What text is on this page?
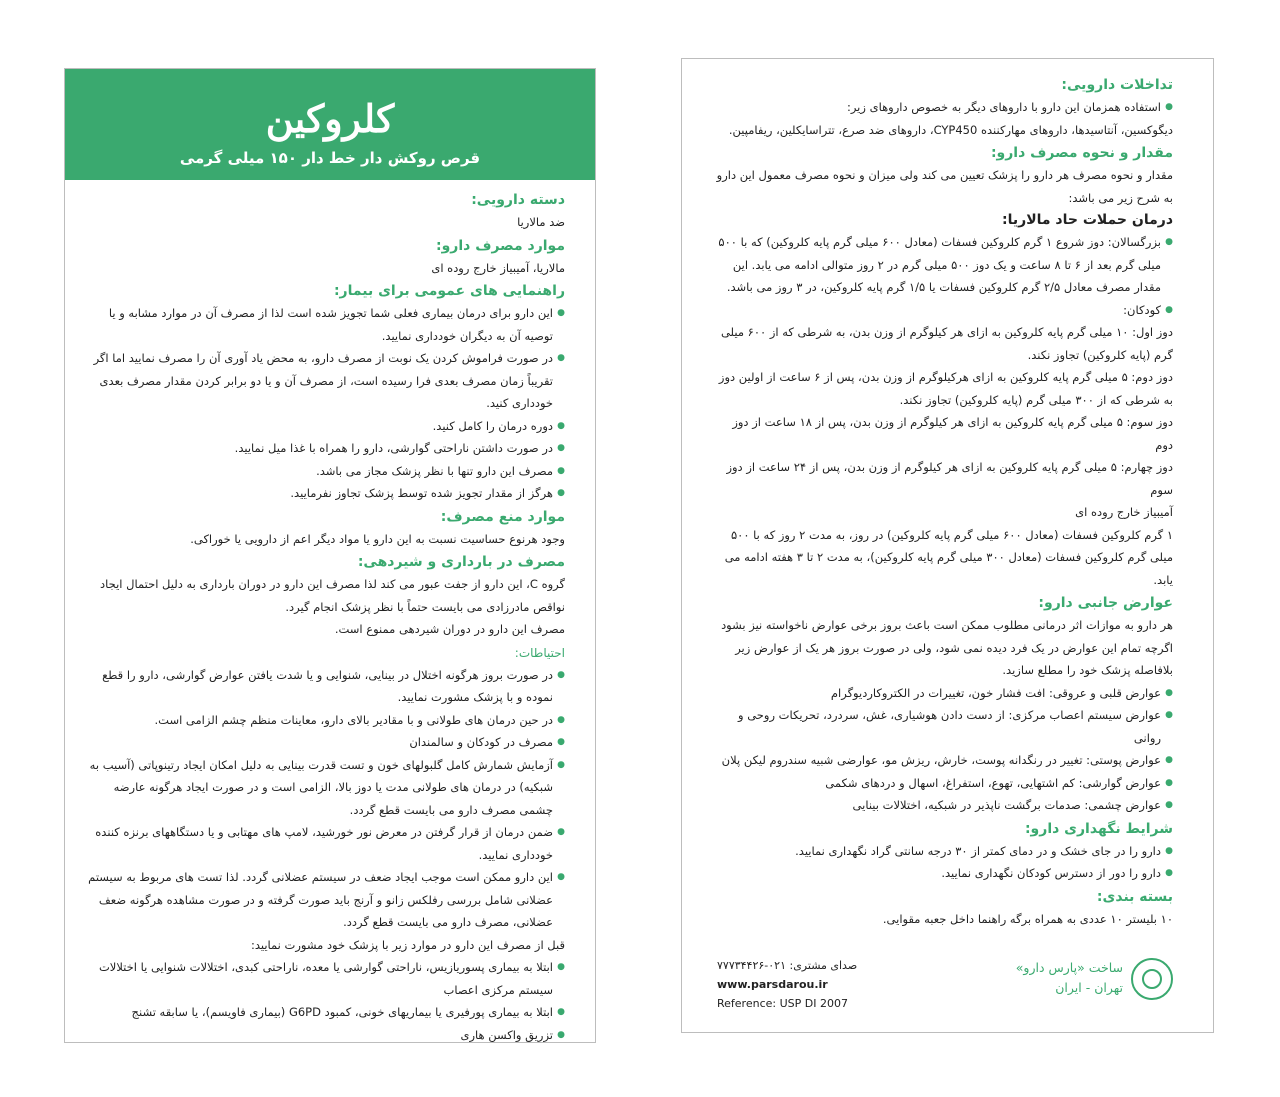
کلروکین
قرص روکش دار خط دار ۱۵۰ میلی گرمی
دسته دارویی:
ضد مالاریا
موارد مصرف دارو:
مالاریا، آمیبیاز خارج روده ای
راهنمایی های عمومی برای بیمار:
● این دارو برای درمان بیماری فعلی شما تجویز شده است لذا از مصرف آن در موارد مشابه و یا توصیه آن به دیگران خودداری نمایید.
● در صورت فراموش کردن یک نوبت از مصرف دارو، به محض یاد آوری آن را مصرف نمایید اما اگر تقریباً زمان مصرف بعدی فرا رسیده است، از مصرف آن و یا دو برابر کردن مقدار مصرف بعدی خودداری کنید.
● دوره درمان را کامل کنید.
● در صورت داشتن ناراحتی گوارشی، دارو را همراه با غذا میل نمایید.
● مصرف این دارو تنها با نظر پزشک مجاز می باشد.
● هرگز از مقدار تجویز شده توسط پزشک تجاوز نفرمایید.
موارد منع مصرف:
وجود هرنوع حساسیت نسبت به این دارو یا مواد دیگر اعم از دارویی یا خوراکی.
مصرف در بارداری و شیردهی:
گروه C، این دارو از جفت عبور می کند لذا مصرف این دارو در دوران بارداری به دلیل احتمال ایجاد نواقص مادرزادی می بایست حتماً با نظر پزشک انجام گیرد.
مصرف این دارو در دوران شیردهی ممنوع است.
احتیاطات:
● در صورت بروز هرگونه اختلال در بینایی، شنوایی و یا شدت یافتن عوارض گوارشی، دارو را قطع نموده و با پزشک مشورت نمایید.
● در حین درمان های طولانی و با مقادیر بالای دارو، معاینات منظم چشم الزامی است.
● مصرف در کودکان و سالمندان
● آزمایش شمارش کامل گلبولهای خون و تست قدرت بینایی به دلیل امکان ایجاد رتینوپاتی (آسیب به شبکیه) در درمان های طولانی مدت یا دوز بالا، الزامی است و در صورت ایجاد هرگونه عارضه چشمی مصرف دارو می بایست قطع گردد.
● ضمن درمان از قرار گرفتن در معرض نور خورشید، لامپ های مهتابی و یا دستگاههای برنزه کننده خودداری نمایید.
● این دارو ممکن است موجب ایجاد ضعف در سیستم عضلانی گردد. لذا تست های مربوط به سیستم عضلانی شامل بررسی رفلکس زانو و آرنج باید صورت گرفته و در صورت مشاهده هرگونه ضعف عضلانی، مصرف دارو می بایست قطع گردد.
قبل از مصرف این دارو در موارد زیر با پزشک خود مشورت نمایید:
● ابتلا به بیماری پسوریازیس، ناراحتی گوارشی یا معده، ناراحتی کبدی، اختلالات شنوایی یا اختلالات سیستم مرکزی اعصاب
● ابتلا به بیماری پورفیری یا بیماریهای خونی، کمبود G6PD (بیماری فاویسم)، یا سابقه تشنج
● تزریق واکسن هاری
تداخلات دارویی:
● استفاده همزمان این دارو با داروهای دیگر به خصوص داروهای زیر:
دیگوکسین، آنتاسیدها، داروهای مهارکننده CYP450، داروهای ضد صرع، تتراسایکلین، ریفامپین.
مقدار و نحوه مصرف دارو:
مقدار و نحوه مصرف هر دارو را پزشک تعیین می کند ولی میزان و نحوه مصرف معمول این دارو به شرح زیر می باشد:
درمان حملات حاد مالاریا:
● بزرگسالان: دوز شروع ۱ گرم کلروکین فسفات (معادل ۶۰۰ میلی گرم پایه کلروکین) که با ۵۰۰ میلی گرم بعد از ۶ تا ۸ ساعت و یک دوز ۵۰۰ میلی گرم در ۲ روز متوالی ادامه می یابد. این مقدار مصرف معادل ۲/۵ گرم کلروکین فسفات یا ۱/۵ گرم پایه کلروکین، در ۳ روز می باشد.
● کودکان:
دوز اول: ۱۰ میلی گرم پایه کلروکین به ازای هر کیلوگرم از وزن بدن، به شرطی که از ۶۰۰ میلی گرم (پایه کلروکین) تجاوز نکند.
دوز دوم: ۵ میلی گرم پایه کلروکین به ازای هرکیلوگرم از وزن بدن، پس از ۶ ساعت از اولین دوز به شرطی که از ۳۰۰ میلی گرم (پایه کلروکین) تجاوز نکند.
دوز سوم: ۵ میلی گرم پایه کلروکین به ازای هر کیلوگرم از وزن بدن، پس از ۱۸ ساعت از دوز دوم
دوز چهارم: ۵ میلی گرم پایه کلروکین به ازای هر کیلوگرم از وزن بدن، پس از ۲۴ ساعت از دوز سوم
آمیبیاز خارج روده ای
۱ گرم کلروکین فسفات (معادل ۶۰۰ میلی گرم پایه کلروکین) در روز، به مدت ۲ روز که با ۵۰۰ میلی گرم کلروکین فسفات (معادل ۳۰۰ میلی گرم پایه کلروکین)، به مدت ۲ تا ۳ هفته ادامه می یابد.
عوارض جانبی دارو:
هر دارو به موازات اثر درمانی مطلوب ممکن است باعث بروز برخی عوارض ناخواسته نیز بشود اگرچه تمام این عوارض در یک فرد دیده نمی شود، ولی در صورت بروز هر یک از عوارض زیر بلافاصله پزشک خود را مطلع سازید.
● عوارض قلبی و عروقی: افت فشار خون، تغییرات در الکتروکاردیوگرام
● عوارض سیستم اعصاب مرکزی: از دست دادن هوشیاری، غش، سردرد، تحریکات روحی و روانی
● عوارض پوستی: تغییر در رنگدانه پوست، خارش، ریزش مو، عوارضی شبیه سندروم لیکن پلان
● عوارض گوارشی: کم اشتهایی، تهوع، استفراغ، اسهال و دردهای شکمی
● عوارض چشمی: صدمات برگشت ناپذیر در شبکیه، اختلالات بینایی
شرایط نگهداری دارو:
● دارو را در جای خشک و در دمای کمتر از ۳۰ درجه سانتی گراد نگهداری نمایید.
● دارو را دور از دسترس کودکان نگهداری نمایید.
بسته بندی:
۱۰ بلیستر ۱۰ عددی به همراه برگه راهنما داخل جعبه مقوایی.
ساخت «پارس دارو»
تهران - ایران
صدای مشتری: ۰۲۱-۷۷۷۳۴۴۲۶
www.parsdarou.ir
Reference: USP DI 2007
